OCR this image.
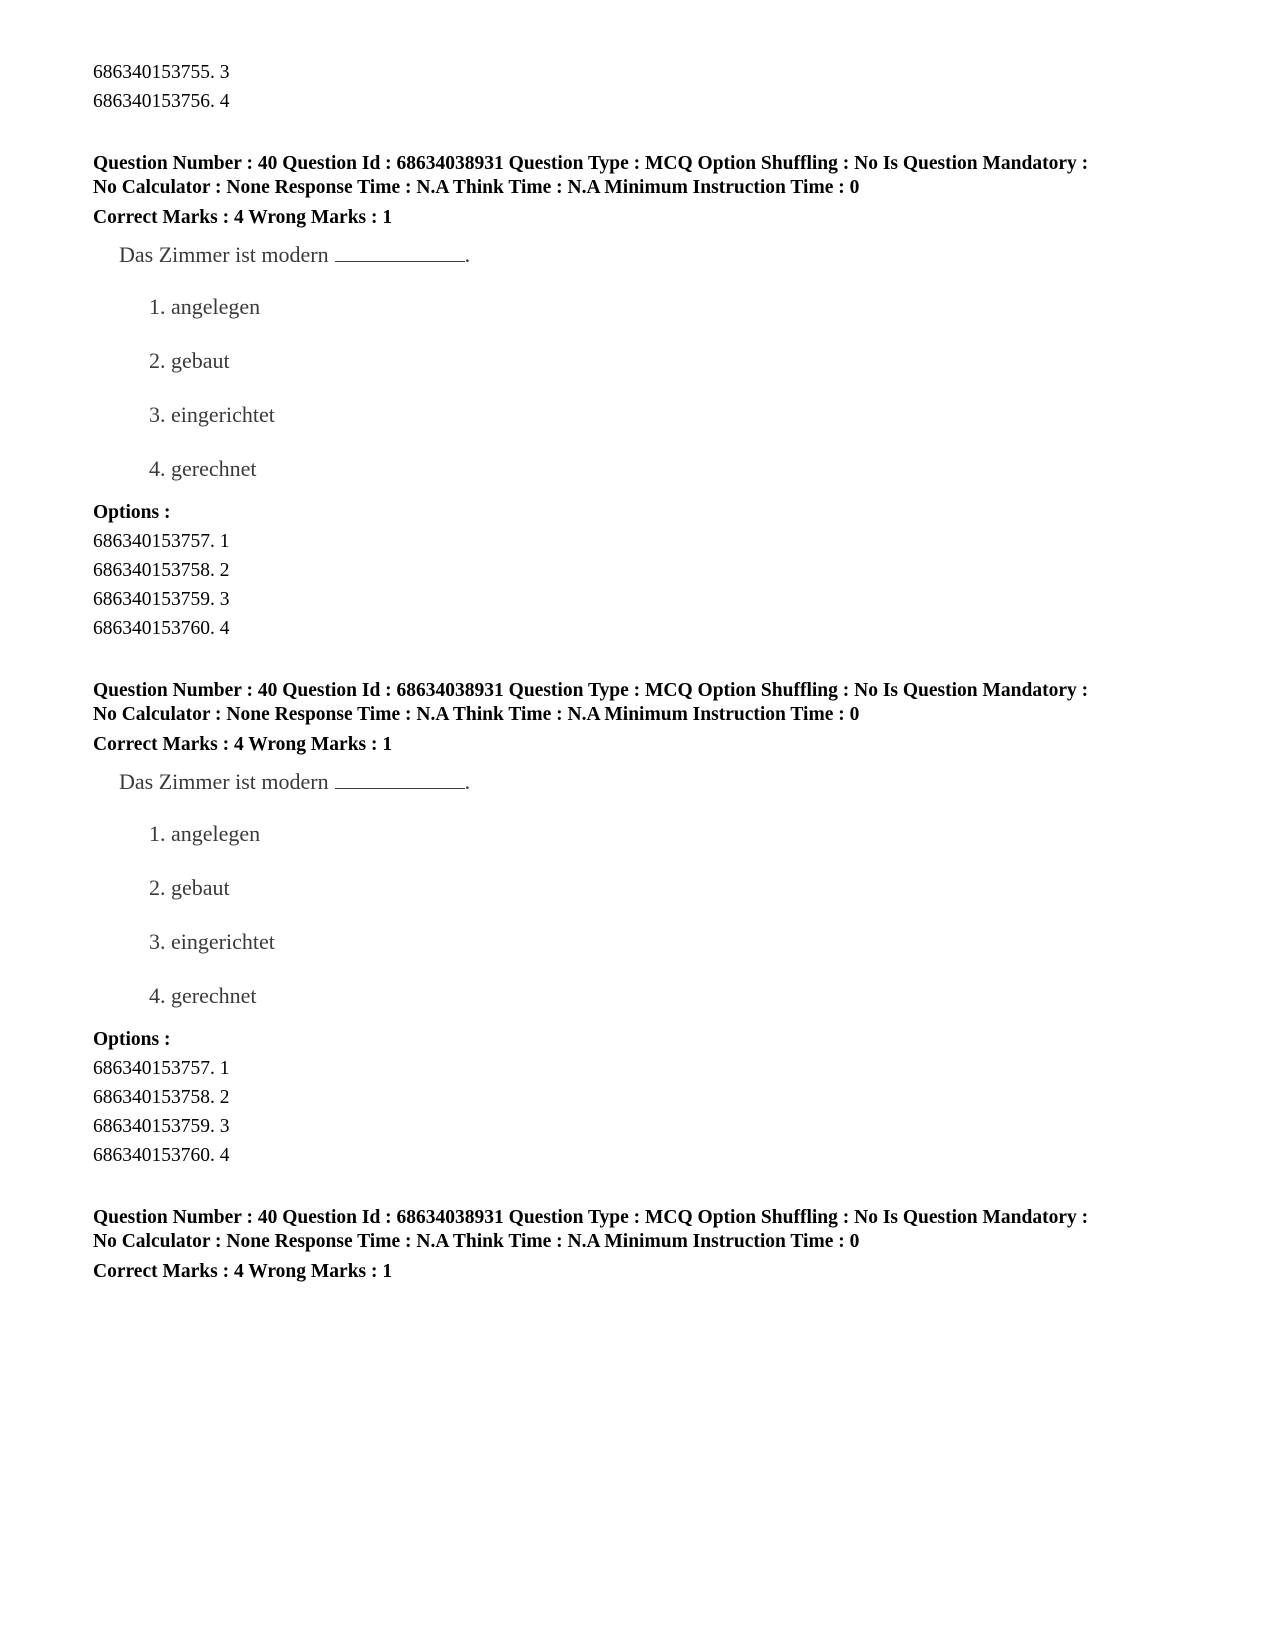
686340153755. 3

686340153756. 4

Question Number : 40 Question Id : 68634038931 Question Type : MCQ Option Shuffling : No Is Question Mandatory :

No Calculator : None Response Time : N.A Think Time : N.A Minimum Instruction Time : 0

Correct Marks : 4 Wrong Marks : 1

Das Zimmer ist modern	.

1. angelegen
2. gebaut
3. eingerichtet
4. gerechnet

Options :

686340153757. 1

686340153758. 2

686340153759. 3

686340153760. 4

Question Number : 40 Question Id : 68634038931 Question Type : MCQ Option Shuffling : No Is Question Mandatory :

No Calculator : None Response Time : N.A Think Time : N.A Minimum Instruction Time : 0

Correct Marks : 4 Wrong Marks : 1

Das Zimmer ist modern	.

1. angelegen
2. gebaut
3. eingerichtet
4. gerechnet

Options :

686340153757. 1

686340153758. 2

686340153759. 3

686340153760. 4

Question Number : 40 Question Id : 68634038931 Question Type : MCQ Option Shuffling : No Is Question Mandatory :

No Calculator : None Response Time : N.A Think Time : N.A Minimum Instruction Time : 0

Correct Marks : 4 Wrong Marks : 1
